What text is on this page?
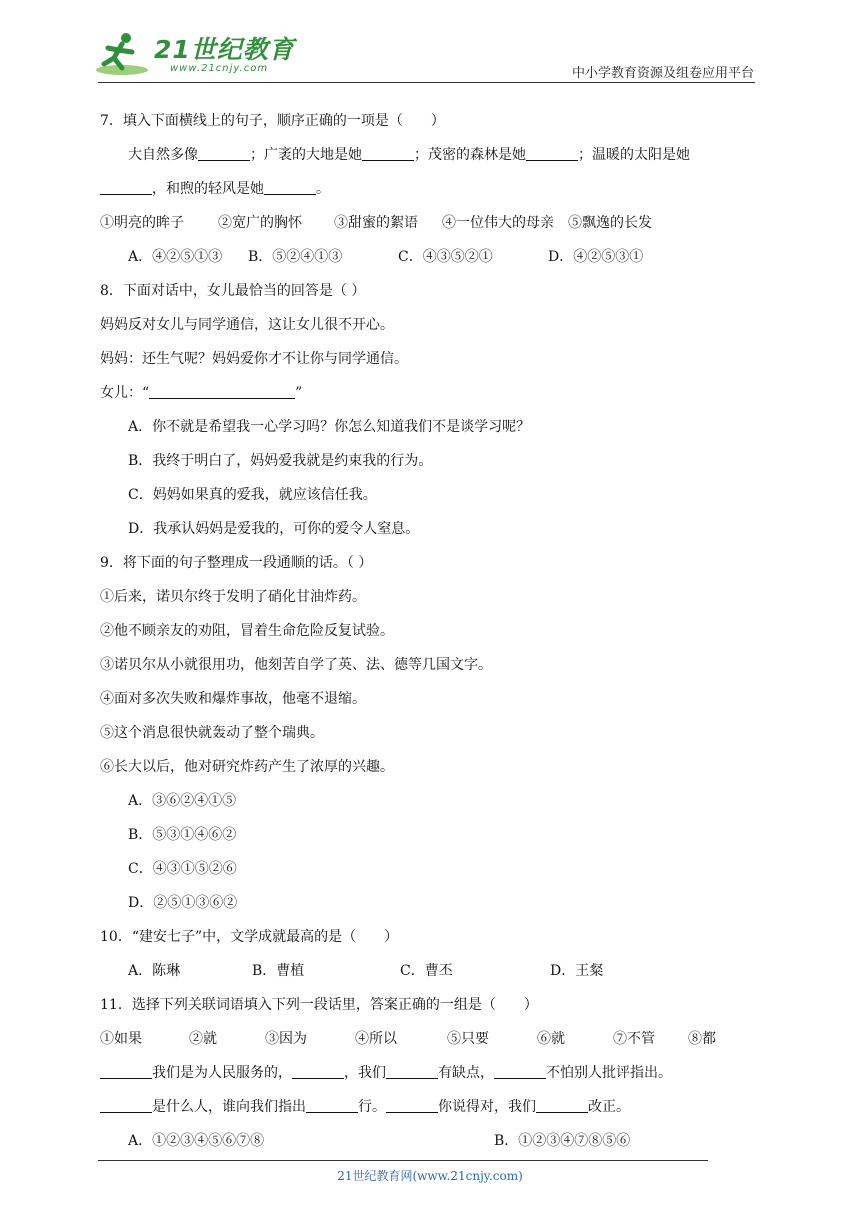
21世纪教育
www.21cnjy.com	中小学教育资源及组卷应用平台
7．填入下面横线上的句子，顺序正确的一项是（　　）
大自然多像	；广袤的大地是她	；茂密的森林是她	；温暖的太阳是她
，和煦的轻风是她	。
①明亮的眸子 ②宽广的胸怀 ③甜蜜的絮语 ④一位伟大的母亲 ⑤飘逸的长发
A．④②⑤①③ B．⑤②④①③	C．④③⑤②①	D．④②⑤③①
8．下面对话中，女儿最恰当的回答是（ ）
妈妈反对女儿与同学通信，这让女儿很不开心。
妈妈：还生气呢？妈妈爱你才不让你与同学通信。
女儿：“	”
A．你不就是希望我一心学习吗？你怎么知道我们不是谈学习呢？
B．我终于明白了，妈妈爱我就是约束我的行为。
C．妈妈如果真的爱我，就应该信任我。
D．我承认妈妈是爱我的，可你的爱令人窒息。
9．将下面的句子整理成一段通顺的话。（ ）
①后来，诺贝尔终于发明了硝化甘油炸药。
②他不顾亲友的劝阻，冒着生命危险反复试验。
③诺贝尔从小就很用功，他刻苦自学了英、法、德等几国文字。
④面对多次失败和爆炸事故，他毫不退缩。
⑤这个消息很快就轰动了整个瑞典。
⑥长大以后，他对研究炸药产生了浓厚的兴趣。
A．③⑥②④①⑤
B．⑤③①④⑥②
C．④③①⑤②⑥
D．②⑤①③⑥②
10．“建安七子”中，文学成就最高的是（　　）
A．陈琳	B．曹植	C．曹丕	D．王粲
11．选择下列关联词语填入下列一段话里，答案正确的一组是（　　）
①如果	②就	③因为	④所以	⑤只要	⑥就	⑦不管 ⑧都
我们是为人民服务的，	，我们	有缺点，	不怕别人批评指出。
是什么人，谁向我们指出	行。	你说得对，我们	改正。
A．①②③④⑤⑥⑦⑧	B．①②③④⑦⑧⑤⑥
21世纪教育网(www.21cnjy.com)
